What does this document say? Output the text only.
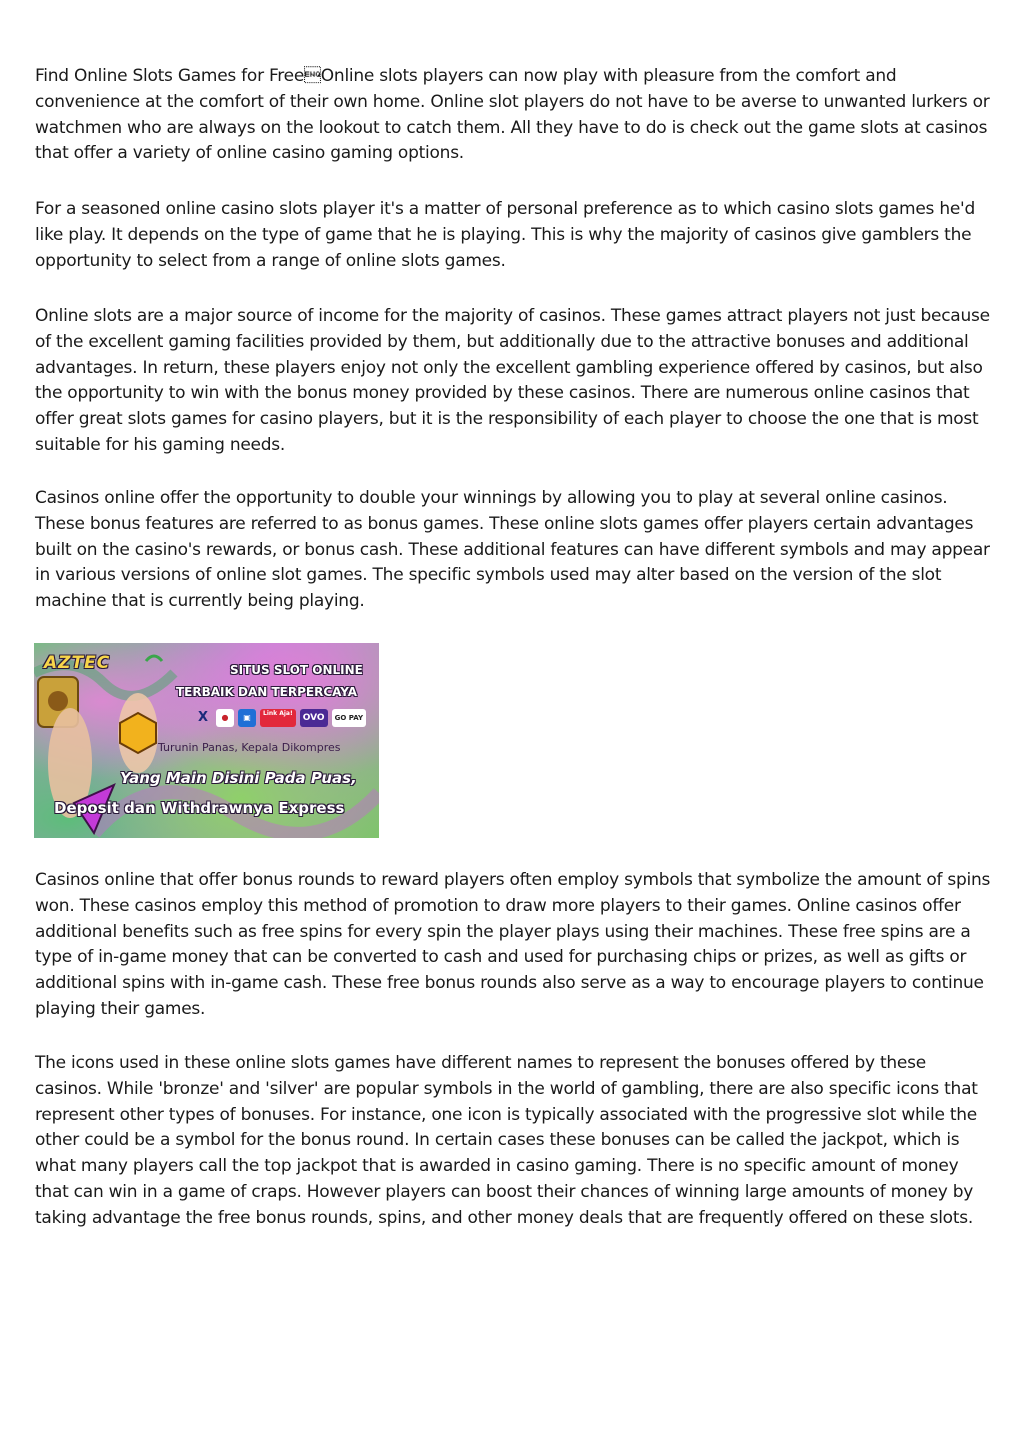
Find Online Slots Games for FreeOnline slots players can now play with pleasure from the comfort and convenience at the comfort of their own home. Online slot players do not have to be averse to unwanted lurkers or watchmen who are always on the lookout to catch them. All they have to do is check out the game slots at casinos that offer a variety of online casino gaming options.

For a seasoned online casino slots player it's a matter of personal preference as to which casino slots games he'd like play. It depends on the type of game that he is playing. This is why the majority of casinos give gamblers the opportunity to select from a range of online slots games.

Online slots are a major source of income for the majority of casinos. These games attract players not just because of the excellent gaming facilities provided by them, but additionally due to the attractive bonuses and additional advantages. In return, these players enjoy not only the excellent gambling experience offered by casinos, but also the opportunity to win with the bonus money provided by these casinos. There are numerous online casinos that offer great slots games for casino players, but it is the responsibility of each player to choose the one that is most suitable for his gaming needs.

Casinos online offer the opportunity to double your winnings by allowing you to play at several online casinos. These bonus features are referred to as bonus games. These online slots games offer players certain advantages built on the casino's rewards, or bonus cash. These additional features can have different symbols and may appear in various versions of online slot games. The specific symbols used may alter based on the version of the slot machine that is currently being playing.

AZTEC	SITUS SLOT ONLINE
TERBAIK DAN TERPERCAYA
X	●	▣	Link Aja!	OVO	GO PAY
Turunin Panas, Kepala Dikompres
Yang Main Disini Pada Puas,
Deposit dan Withdrawnya Express

Casinos online that offer bonus rounds to reward players often employ symbols that symbolize the amount of spins won. These casinos employ this method of promotion to draw more players to their games. Online casinos offer additional benefits such as free spins for every spin the player plays using their machines. These free spins are a type of in-game money that can be converted to cash and used for purchasing chips or prizes, as well as gifts or additional spins with in-game cash. These free bonus rounds also serve as a way to encourage players to continue playing their games.

The icons used in these online slots games have different names to represent the bonuses offered by these casinos. While 'bronze' and 'silver' are popular symbols in the world of gambling, there are also specific icons that represent other types of bonuses. For instance, one icon is typically associated with the progressive slot while the other could be a symbol for the bonus round. In certain cases these bonuses can be called the jackpot, which is what many players call the top jackpot that is awarded in casino gaming. There is no specific amount of money that can win in a game of craps. However players can boost their chances of winning large amounts of money by taking advantage the free bonus rounds, spins, and other money deals that are frequently offered on these slots.
